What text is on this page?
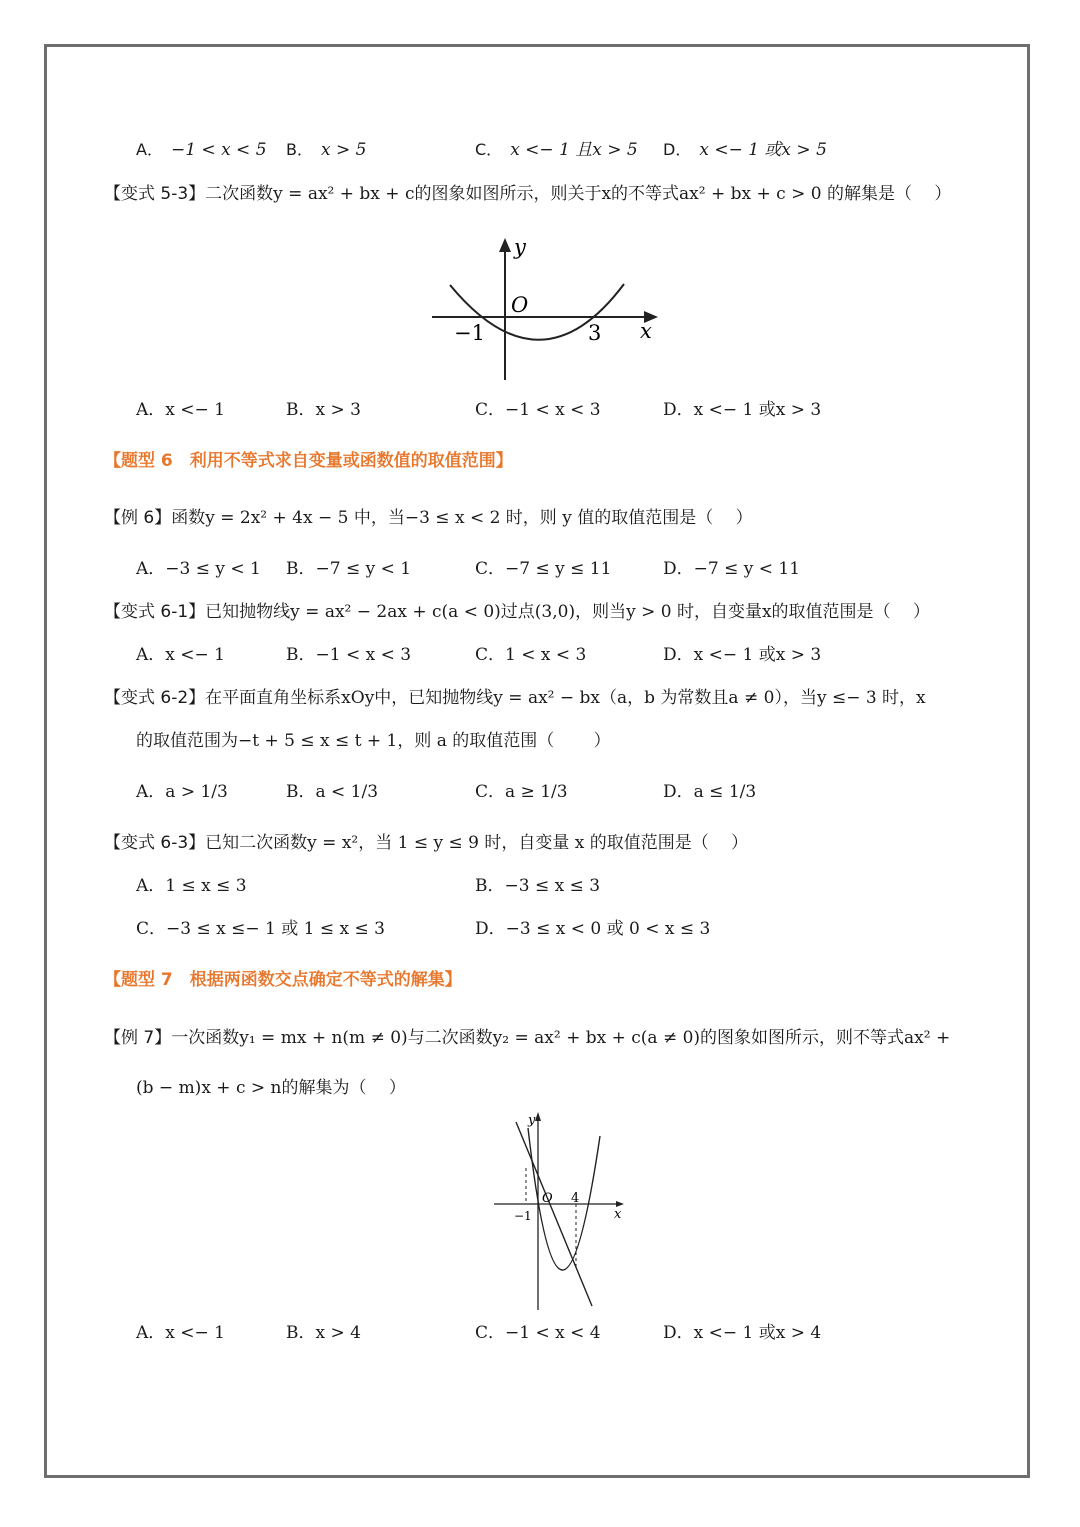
A． −1 < x < 5 B． x > 5	C． x <− 1 且x > 5 D． x <− 1 或x > 5
【变式 5-3】二次函数y = ax² + bx + c的图象如图所示，则关于x的不等式ax² + bx + c > 0 的解集是（　 ）
y
x
O
−1	3
A．x <− 1	B．x > 3	C．−1 < x < 3	D．x <− 1 或x > 3
【题型 6　利用不等式求自变量或函数值的取值范围】
【例 6】函数y = 2x² + 4x − 5 中，当−3 ≤ x < 2 时，则 y 值的取值范围是（　 ）
A．−3 ≤ y < 1 B．−7 ≤ y < 1	C．−7 ≤ y ≤ 11	D．−7 ≤ y < 11
【变式 6-1】已知抛物线y = ax² − 2ax + c(a < 0)过点(3,0)，则当y > 0 时，自变量x的取值范围是（　 ）
A．x <− 1	B．−1 < x < 3	C．1 < x < 3	D．x <− 1 或x > 3
【变式 6-2】在平面直角坐标系xOy中，已知抛物线y = ax² − bx（a，b 为常数且a ≠ 0），当y ≤− 3 时，x
的取值范围为−t + 5 ≤ x ≤ t + 1，则 a 的取值范围（　　 ）
A．a > 1/3	B．a < 1/3	C．a ≥ 1/3	D．a ≤ 1/3
【变式 6-3】已知二次函数y = x²，当 1 ≤ y ≤ 9 时，自变量 x 的取值范围是（　 ）
A．1 ≤ x ≤ 3	B．−3 ≤ x ≤ 3
C．−3 ≤ x ≤− 1 或 1 ≤ x ≤ 3	D．−3 ≤ x < 0 或 0 < x ≤ 3
【题型 7　根据两函数交点确定不等式的解集】
【例 7】一次函数y₁ = mx + n(m ≠ 0)与二次函数y₂ = ax² + bx + c(a ≠ 0)的图象如图所示，则不等式ax² +
(b − m)x + c > n的解集为（　 ）
y
x
O
−1
4
A．x <− 1	B．x > 4	C．−1 < x < 4	D．x <− 1 或x > 4
